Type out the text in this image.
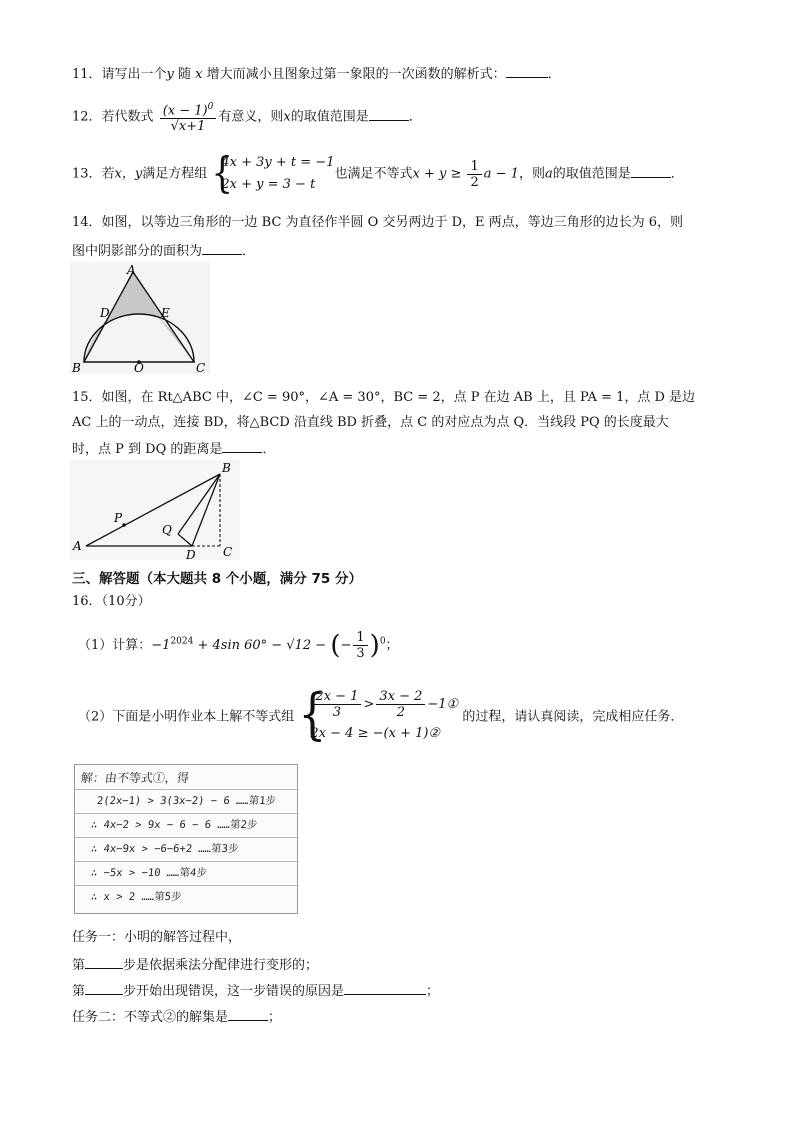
11．请写出一个y 随 x 增大而减小且图象过第一象限的一次函数的解析式：	．
12．若代数式 $\frac{(x - 1)^0}{√x+1}$ 有意义，则x的取值范围是	．
13．若x，y满足方程组 {
4x + 3y + t = −1
2x + y = 3 − t
也满足不等式$x + y \ge \frac{1}{2}$ a − 1，则a的取值范围是	．
14．如图，以等边三角形的一边 BC 为直径作半圆 O 交另两边于 D，E 两点，等边三角形的边长为 6，则
图中阴影部分的面积为	．
A
D	E
B	O	C
15．如图，在 Rt△ABC 中，∠C = 90°，∠A = 30°，BC = 2，点 P 在边 AB 上，且 PA = 1，点 D 是边
AC 上的一动点，连接 BD，将△BCD 沿直线 BD 折叠，点 C 的对应点为点 Q．当线段 PQ 的长度最大
时，点 P 到 DQ 的距离是	．
B
P
Q
A
D C
三、解答题（本大题共 8 个小题，满分 75 分）
16．（10分）
（1）计算：$-1^{2024} + 4\sin$ 60° − √12 − (− $\frac{1}{3} )^0$；
（2）下面是小明作业本上解不等式组 {
$\frac{2x - 1}{3} > \frac{3x - 2}{2}$ −1①
2x − 4 ≥ −(x + 1)②
的过程，请认真阅读，完成相应任务．
解：由不等式①，得
2(2x−1) > 3(3x−2) − 6 ……第1步
∴ 4x−2 > 9x − 6 − 6 ……第2步
∴ 4x−9x > −6−6+2 ……第3步
∴ −5x > −10 ……第4步
∴ x > 2 ……第5步
任务一：小明的解答过程中，
第	步是依据乘法分配律进行变形的；
第	步开始出现错误，这一步错误的原因是	；
任务二：不等式②的解集是	；
